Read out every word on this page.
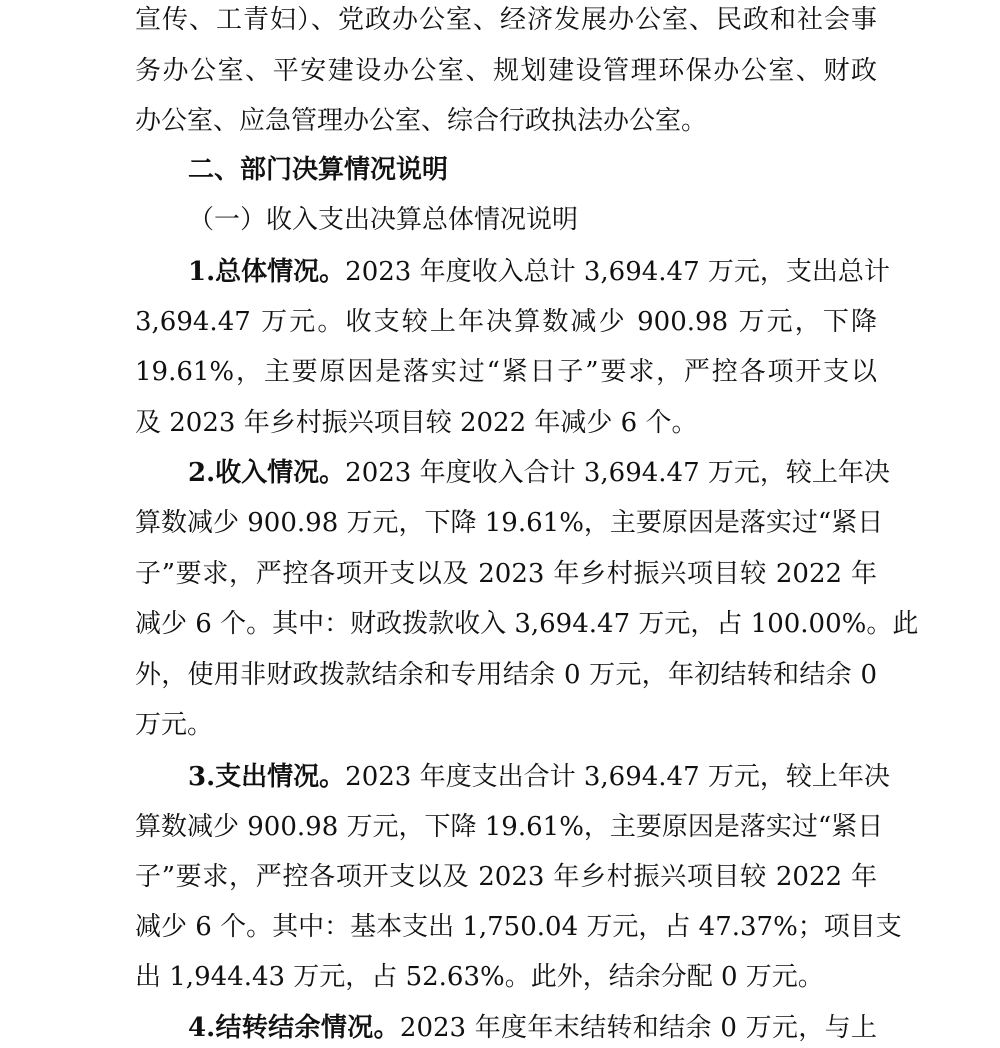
宣传、工青妇）、党政办公室、经济发展办公室、民政和社会事
务办公室、平安建设办公室、规划建设管理环保办公室、财政
办公室、应急管理办公室、综合行政执法办公室。
二、部门决算情况说明
（一）收入支出决算总体情况说明
1.总体情况。2023 年度收入总计 3,694.47 万元，支出总计
3,694.47 万元。收支较上年决算数减少 900.98 万元，下降
19.61%，主要原因是落实过“紧日子”要求，严控各项开支以
及 2023 年乡村振兴项目较 2022 年减少 6 个。
2.收入情况。2023 年度收入合计 3,694.47 万元，较上年决
算数减少 900.98 万元，下降 19.61%，主要原因是落实过“紧日
子”要求，严控各项开支以及 2023 年乡村振兴项目较 2022 年
减少 6 个。其中：财政拨款收入 3,694.47 万元，占 100.00%。此
外，使用非财政拨款结余和专用结余 0 万元，年初结转和结余 0
万元。
3.支出情况。2023 年度支出合计 3,694.47 万元，较上年决
算数减少 900.98 万元，下降 19.61%，主要原因是落实过“紧日
子”要求，严控各项开支以及 2023 年乡村振兴项目较 2022 年
减少 6 个。其中：基本支出 1,750.04 万元，占 47.37%；项目支
出 1,944.43 万元，占 52.63%。此外，结余分配 0 万元。
4.结转结余情况。2023 年度年末结转和结余 0 万元，与上
